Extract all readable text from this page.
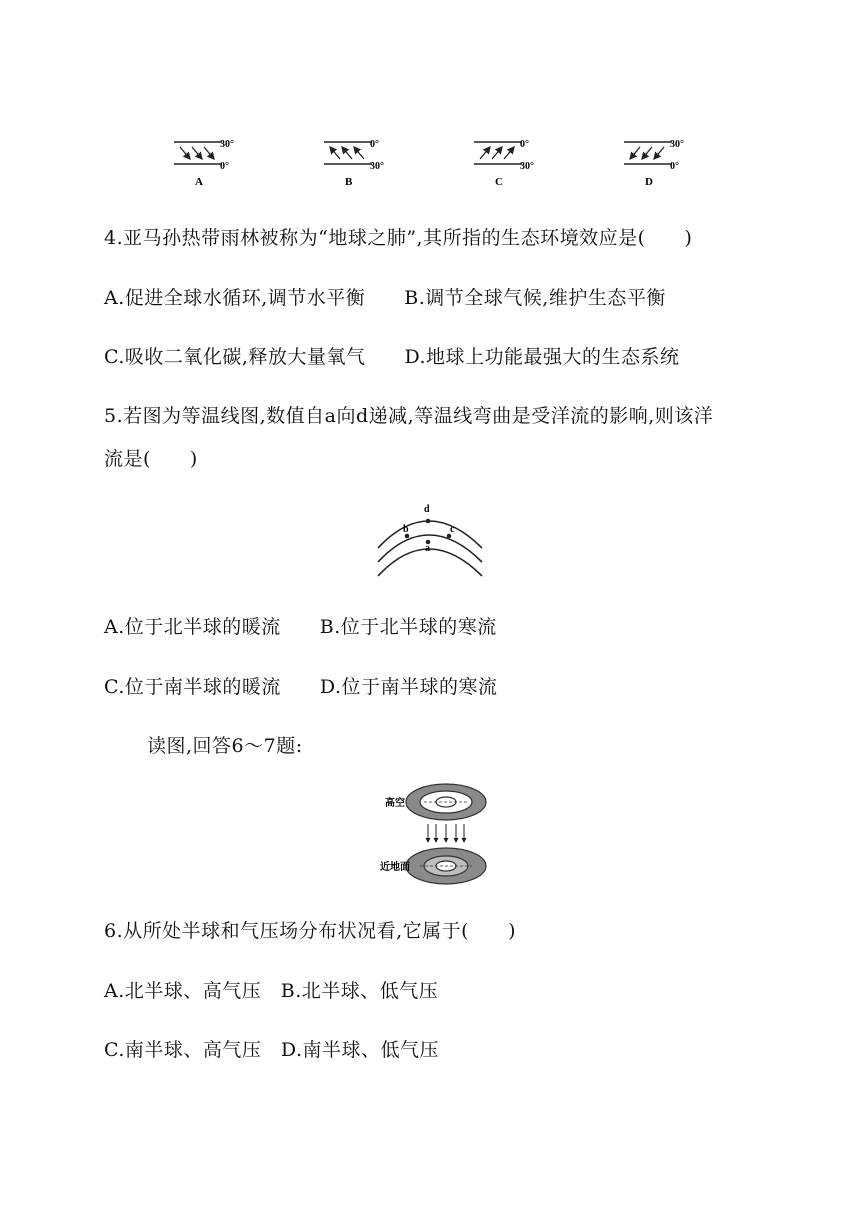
30°
0°
A
0°
30°
B
0°
30°
C
30°
0°
D
4.亚马孙热带雨林被称为“地球之肺”,其所指的生态环境效应是(　　)
A.促进全球水循环,调节水平衡　　B.调节全球气候,维护生态平衡
C.吸收二氧化碳,释放大量氧气　　D.地球上功能最强大的生态系统
5.若图为等温线图,数值自a向d递减,等温线弯曲是受洋流的影响,则该洋
流是(　　)
d
b	c
a
A.位于北半球的暖流　　B.位于北半球的寒流
C.位于南半球的暖流　　D.位于南半球的寒流
读图,回答6～7题:
高空
近地面
6.从所处半球和气压场分布状况看,它属于(　　)
A.北半球、高气压　B.北半球、低气压
C.南半球、高气压　D.南半球、低气压
